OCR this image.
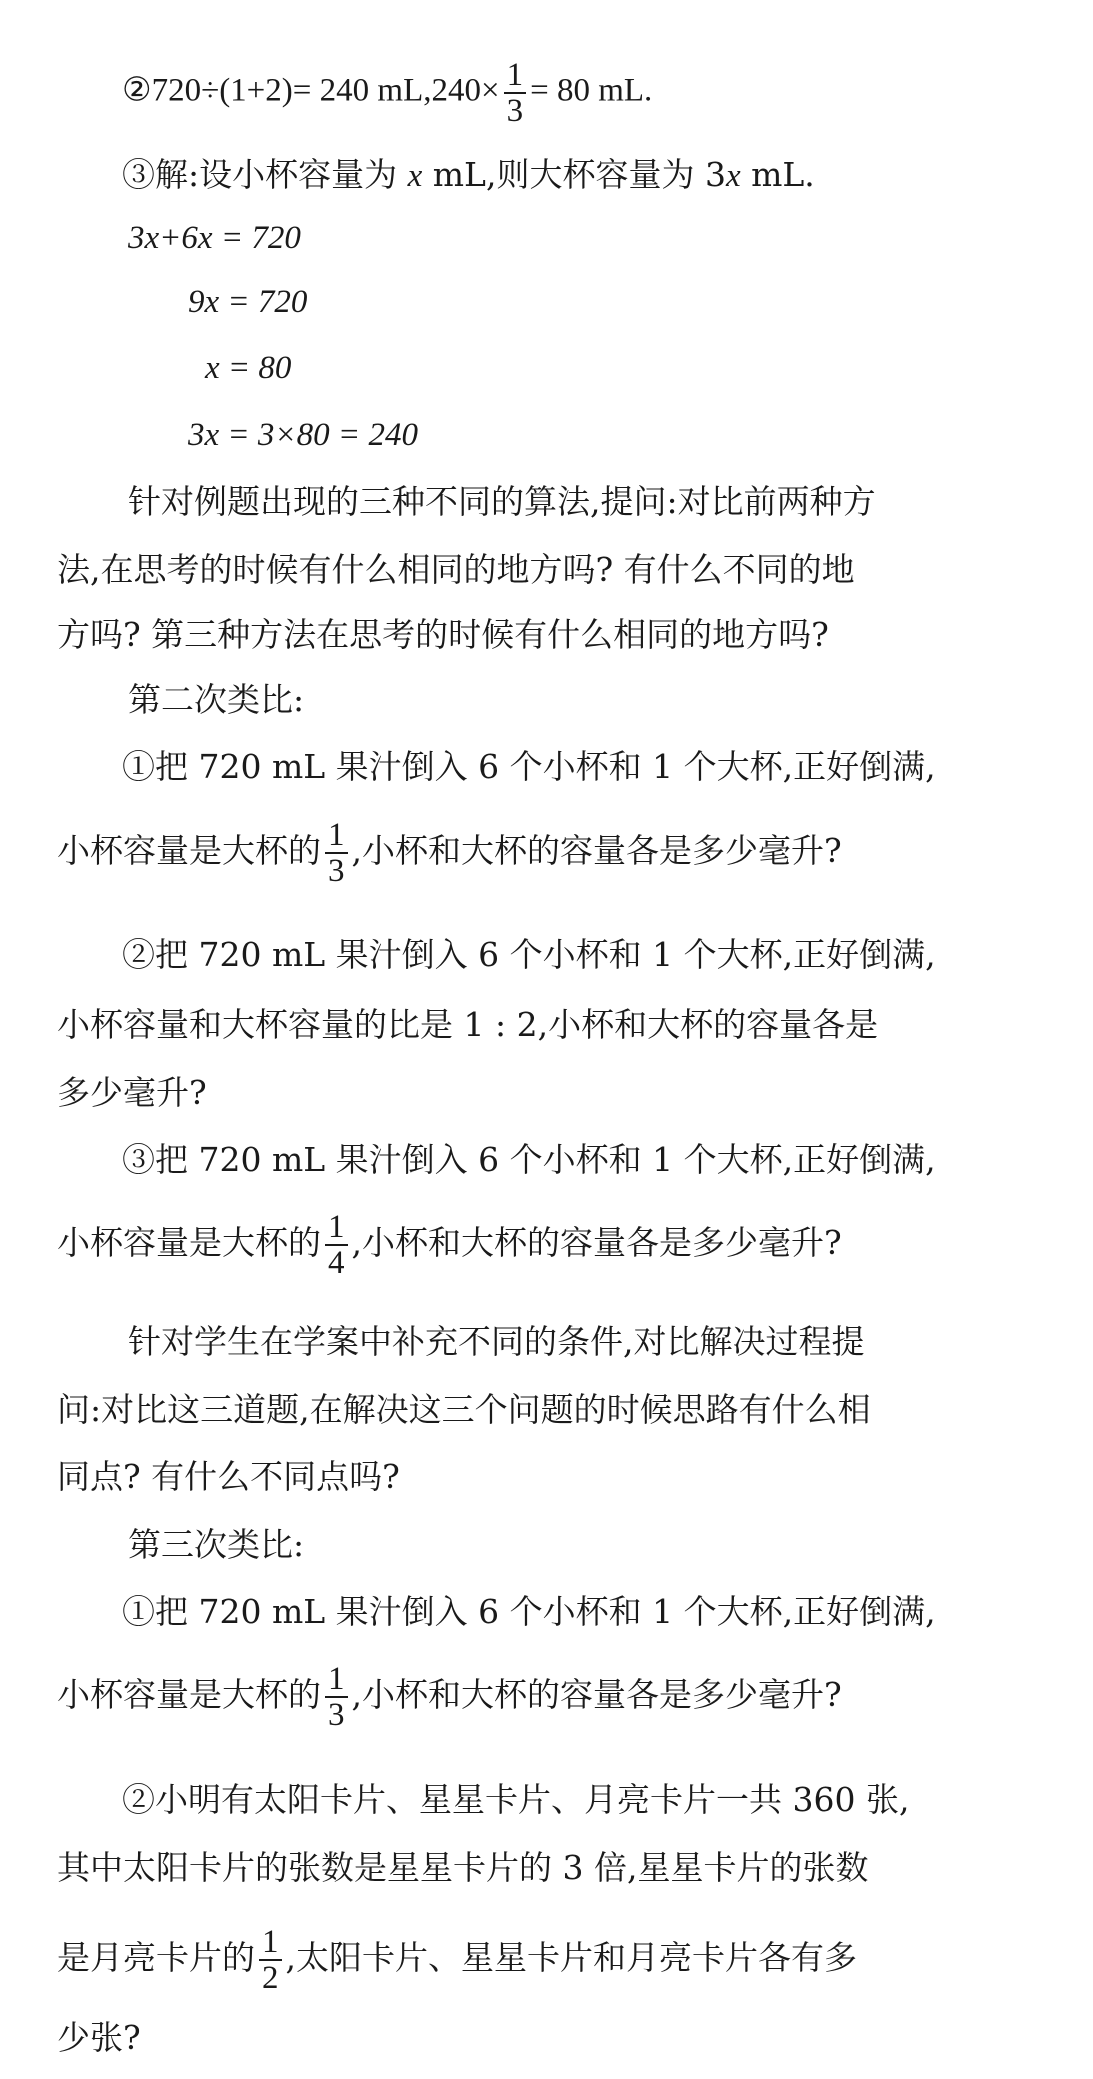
②720÷(1+2)= 240 $mL,240\times \frac{1}{3} = 80$ mL.
③解:设小杯容量为 x mL,则大杯容量为 3x mL.
3x+6x = 720
9x = 720
x = 80
3x = 3×80 = 240
针对例题出现的三种不同的算法,提问:对比前两种方
法,在思考的时候有什么相同的地方吗? 有什么不同的地
方吗? 第三种方法在思考的时候有什么相同的地方吗?
第二次类比:
①把 720 mL 果汁倒入 6 个小杯和 1 个大杯,正好倒满,
小杯容量是大杯的 $\frac{1}{3}$ ,小杯和大杯的容量各是多少毫升?
②把 720 mL 果汁倒入 6 个小杯和 1 个大杯,正好倒满,
小杯容量和大杯容量的比是 1 : 2,小杯和大杯的容量各是
多少毫升?
③把 720 mL 果汁倒入 6 个小杯和 1 个大杯,正好倒满,
小杯容量是大杯的 $\frac{1}{4}$ ,小杯和大杯的容量各是多少毫升?
针对学生在学案中补充不同的条件,对比解决过程提
问:对比这三道题,在解决这三个问题的时候思路有什么相
同点? 有什么不同点吗?
第三次类比:
①把 720 mL 果汁倒入 6 个小杯和 1 个大杯,正好倒满,
小杯容量是大杯的 $\frac{1}{3}$ ,小杯和大杯的容量各是多少毫升?
②小明有太阳卡片、星星卡片、月亮卡片一共 360 张,
其中太阳卡片的张数是星星卡片的 3 倍,星星卡片的张数
是月亮卡片的 $\frac{1}{2}$ ,太阳卡片、星星卡片和月亮卡片各有多
少张?
